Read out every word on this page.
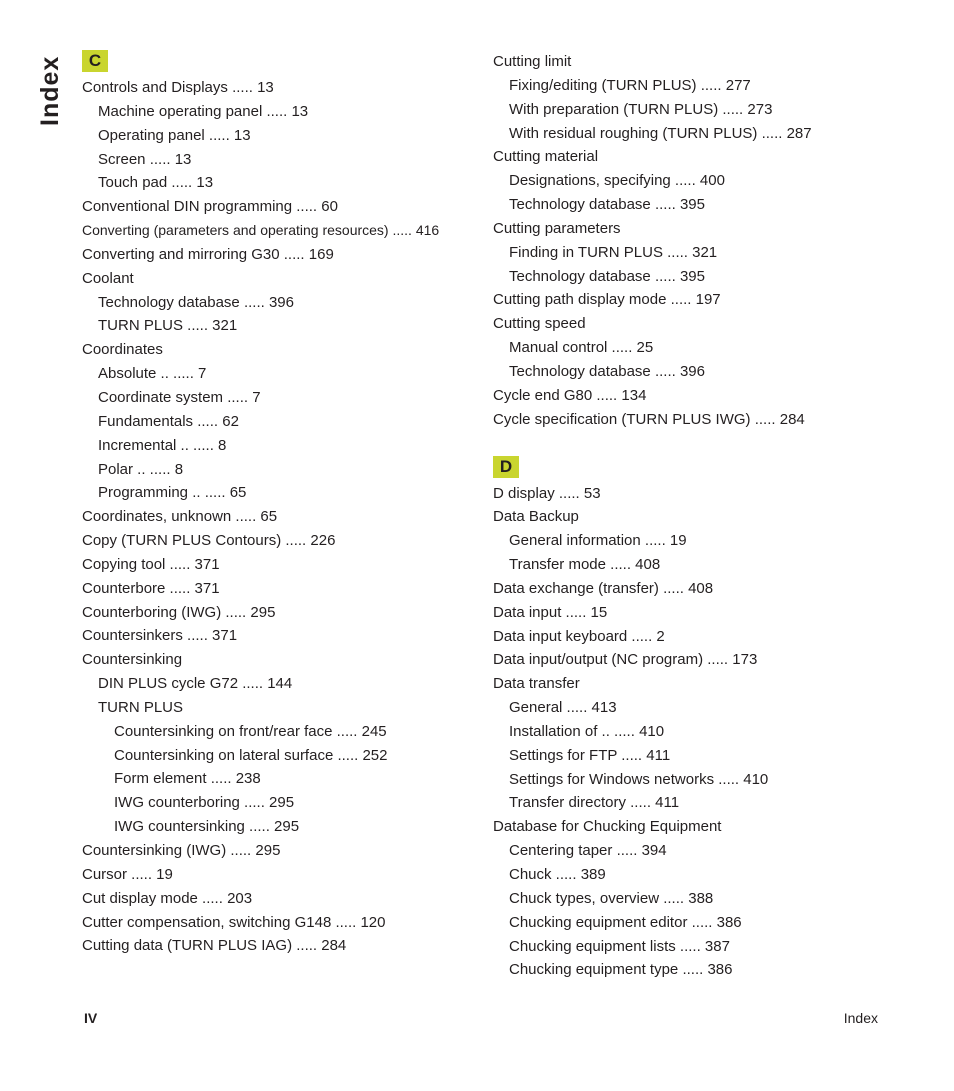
Index	C
Controls and Displays ..... 13
Machine operating panel ..... 13
Operating panel ..... 13
Screen ..... 13
Touch pad ..... 13
Conventional DIN programming ..... 60
Converting (parameters and operating resources) ..... 416
Converting and mirroring G30 ..... 169
Coolant
Technology database ..... 396
TURN PLUS ..... 321
Coordinates
Absolute .. ..... 7
Coordinate system ..... 7
Fundamentals ..... 62
Incremental .. ..... 8
Polar .. ..... 8
Programming .. ..... 65
Coordinates, unknown ..... 65
Copy (TURN PLUS Contours) ..... 226
Copying tool ..... 371
Counterbore ..... 371
Counterboring (IWG) ..... 295
Countersinkers ..... 371
Countersinking
DIN PLUS cycle G72 ..... 144
TURN PLUS
Countersinking on front/rear face ..... 245
Countersinking on lateral surface ..... 252
Form element ..... 238
IWG counterboring ..... 295
IWG countersinking ..... 295
Countersinking (IWG) ..... 295
Cursor ..... 19
Cut display mode ..... 203
Cutter compensation, switching G148 ..... 120
Cutting data (TURN PLUS IAG) ..... 284
Cutting limit
Fixing/editing (TURN PLUS) ..... 277
With preparation (TURN PLUS) ..... 273
With residual roughing (TURN PLUS) ..... 287
Cutting material
Designations, specifying ..... 400
Technology database ..... 395
Cutting parameters
Finding in TURN PLUS ..... 321
Technology database ..... 395
Cutting path display mode ..... 197
Cutting speed
Manual control ..... 25
Technology database ..... 396
Cycle end G80 ..... 134
Cycle specification (TURN PLUS IWG) ..... 284
D
D display ..... 53
Data Backup
General information ..... 19
Transfer mode ..... 408
Data exchange (transfer) ..... 408
Data input ..... 15
Data input keyboard ..... 2
Data input/output (NC program) ..... 173
Data transfer
General ..... 413
Installation of .. ..... 410
Settings for FTP ..... 411
Settings for Windows networks ..... 410
Transfer directory ..... 411
Database for Chucking Equipment
Centering taper ..... 394
Chuck ..... 389
Chuck types, overview ..... 388
Chucking equipment editor ..... 386
Chucking equipment lists ..... 387
Chucking equipment type ..... 386
IV	Index
